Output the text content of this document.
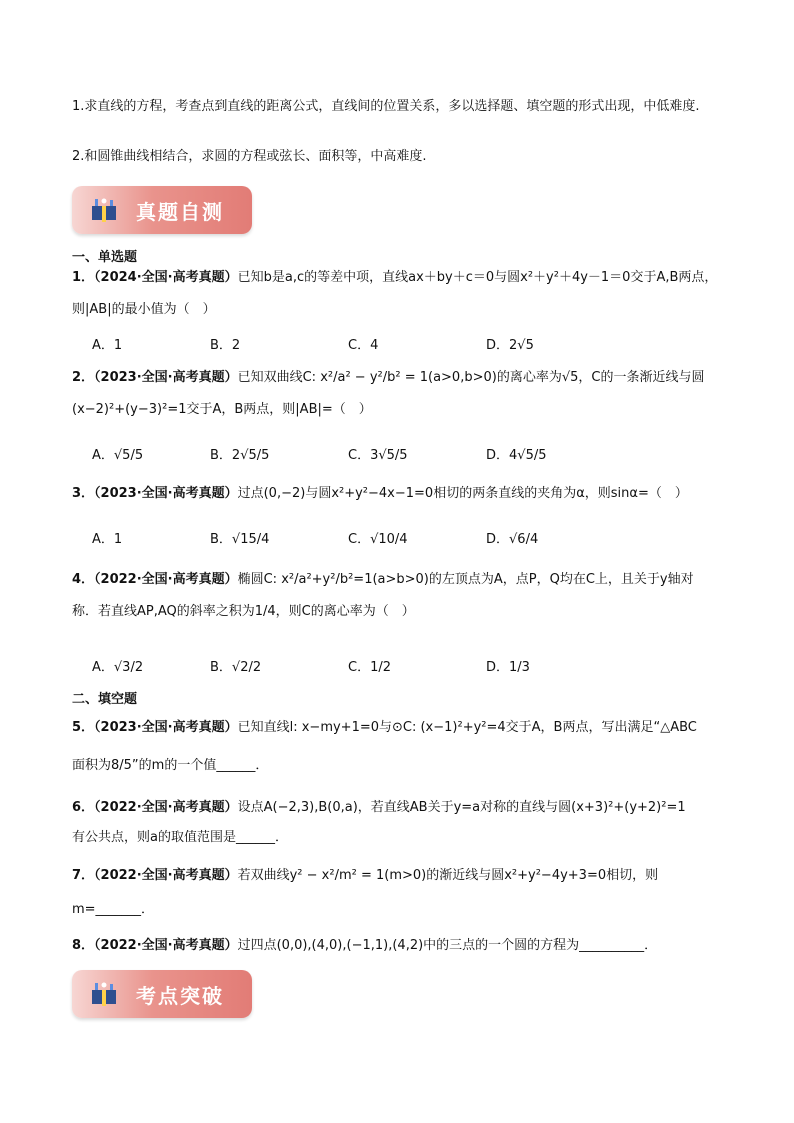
1.求直线的方程，考查点到直线的距离公式，直线间的位置关系，多以选择题、填空题的形式出现，中低难度.
2.和圆锥曲线相结合，求圆的方程或弦长、面积等，中高难度.
真题自测
一、单选题
1．（2024·全国·高考真题）已知b是a,c的等差中项，直线ax＋by＋c＝0与圆x²＋y²＋4y－1＝0交于A,B两点，
则|AB|的最小值为（　）
A．1	B．2	C．4	D．2√5
2．（2023·全国·高考真题）已知双曲线C: x²/a² − y²/b² = 1(a>0,b>0)的离心率为√5，C的一条渐近线与圆
(x−2)²+(y−3)²=1交于A，B两点，则|AB|=（　）
A．√5/5	B．2√5/5	C．3√5/5	D．4√5/5
3．（2023·全国·高考真题）过点(0,−2)与圆x²+y²−4x−1=0相切的两条直线的夹角为α，则sinα=（　）
A．1	B．√15/4	C．√10/4	D．√6/4
4．（2022·全国·高考真题）椭圆C: x²/a²+y²/b²=1(a>b>0)的左顶点为A，点P，Q均在C上，且关于y轴对
称．若直线AP,AQ的斜率之积为1/4，则C的离心率为（　）
A．√3/2	B．√2/2	C．1/2	D．1/3
二、填空题
5．（2023·全国·高考真题）已知直线l: x−my+1=0与⊙C: (x−1)²+y²=4交于A，B两点，写出满足“△ABC
面积为8/5”的m的一个值______．
6．（2022·全国·高考真题）设点A(−2,3),B(0,a)，若直线AB关于y=a对称的直线与圆(x+3)²+(y+2)²=1
有公共点，则a的取值范围是______．
7．（2022·全国·高考真题）若双曲线y² − x²/m² = 1(m>0)的渐近线与圆x²+y²−4y+3=0相切，则
m=_______．
8．（2022·全国·高考真题）过四点(0,0),(4,0),(−1,1),(4,2)中的三点的一个圆的方程为__________．
考点突破
